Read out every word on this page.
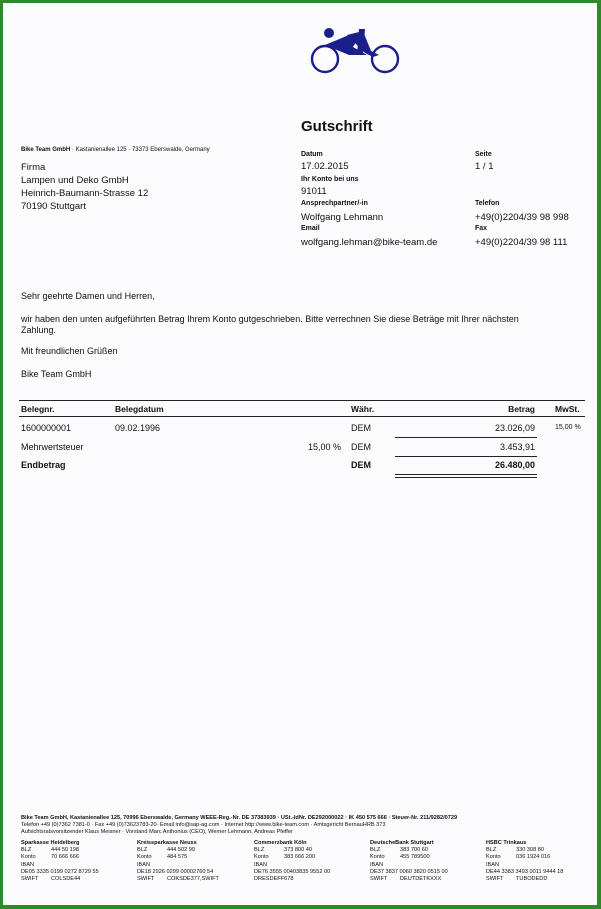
Gutschrift
Bike Team GmbH · Kastanienallee 125 · 73373 Eberswalde, Germany
Firma
Lampen und Deko GmbH
Heinrich-Baumann-Strasse 12
70190 Stuttgart
Datum
17.02.2015
Seite
1 / 1
Ihr Konto bei uns
91011
Ansprechpartner/-in
Wolfgang Lehmann
Telefon
+49(0)2204/39 98 998
Email
wolfgang.lehman@bike-team.de
Fax
+49(0)2204/39 98 111
Sehr geehrte Damen und Herren,
wir haben den unten aufgeführten Betrag Ihrem Konto gutgeschrieben. Bitte verrechnen Sie diese Beträge mit Ihrer nächsten Zahlung.
Mit freundlichen Grüßen
Bike Team GmbH
Belegnr.	Belegdatum	Währ.	Betrag MwSt.
1600000001	09.02.1996	DEM	23.026,09	15,00 %
Mehrwertsteuer	15,00 % DEM	3.453,91
Endbetrag	DEM	26.480,00
Bike Team GmbH, Kastanienallee 125, 70996 Eberswalde, Germany WEEE-Reg.-Nr. DE 37383939 · USt.-IdNr. DE292000022 · IK 450 575 666 · Steuer-Nr. 211/9282/0729
Telefon +49 (0)7362 7381-0 · Fax +49 (0)73623783-20· Email info@sap-ag.com · Internet http://www.bike-team.com · Amtsgericht BernauHRB 373
Aufsichtsratsvorsitzender Klaus Meisner · Vorstand Marc Anthonius (CEO), Werner Lehmann, Andreas Pfeffer
Sparkasse Heidelberg
BLZ	444 50 198
Konto	70 666 666
IBAN
DE05 3335 0199 0272 8729 55
SWIFT COLSDE44
Kreissparkasse Neuss
BLZ	444 502 99
Konto	484 575
IBAN
DE18 2926 0299 00002760 54
SWIFT COKSDE377,SWIFT
Commerzbank Köln
BLZ	373 800 40
Konto	383 666 200
IBAN
DE76 3555 00403835 9552 00
DRESDEFF678
DeutscheBank Stuttgart
BLZ	383 700 60
Konto	455 789500
IBAN
DE37 3837 0060 3820 0515 00
SWIFT DEUTDETKXXX
HSBC Trinkaus
BLZ	330 308 80
Konto	036 1924 016
IBAN
DE44 3383 3493 0011 9444 18
SWIFT TUBODEDD
